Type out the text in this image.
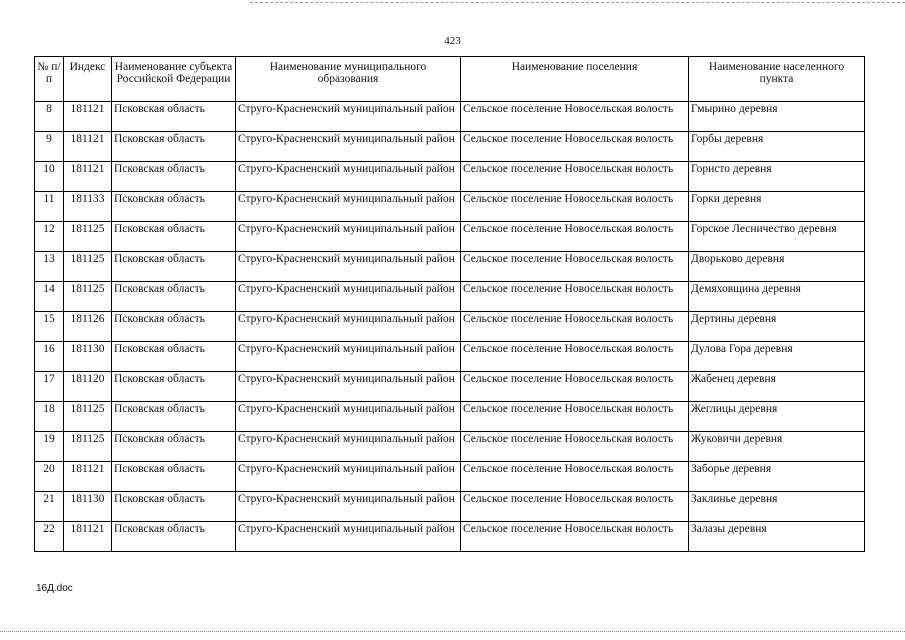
423
№ п/п	Индекс	Наименование субъекта Российской Федерации	Наименование муниципального образования	Наименование поселения	Наименование населенного пункта
8	181121	Псковская область	Струго-Красненский муниципальный район	Сельское поселение Новосельская волость	Гмырино деревня
9	181121	Псковская область	Струго-Красненский муниципальный район	Сельское поселение Новосельская волость	Горбы деревня
10	181121	Псковская область	Струго-Красненский муниципальный район	Сельское поселение Новосельская волость	Гористо деревня
11	181133	Псковская область	Струго-Красненский муниципальный район	Сельское поселение Новосельская волость	Горки деревня
12	181125	Псковская область	Струго-Красненский муниципальный район	Сельское поселение Новосельская волость	Горское Лесничество деревня
13	181125	Псковская область	Струго-Красненский муниципальный район	Сельское поселение Новосельская волость	Дворьково деревня
14	181125	Псковская область	Струго-Красненский муниципальный район	Сельское поселение Новосельская волость	Демяховщина деревня
15	181126	Псковская область	Струго-Красненский муниципальный район	Сельское поселение Новосельская волость	Дертины деревня
16	181130	Псковская область	Струго-Красненский муниципальный район	Сельское поселение Новосельская волость	Дулова Гора деревня
17	181120	Псковская область	Струго-Красненский муниципальный район	Сельское поселение Новосельская волость	Жабенец деревня
18	181125	Псковская область	Струго-Красненский муниципальный район	Сельское поселение Новосельская волость	Жеглицы деревня
19	181125	Псковская область	Струго-Красненский муниципальный район	Сельское поселение Новосельская волость	Жуковичи деревня
20	181121	Псковская область	Струго-Красненский муниципальный район	Сельское поселение Новосельская волость	Заборье деревня
21	181130	Псковская область	Струго-Красненский муниципальный район	Сельское поселение Новосельская волость	Заклинье деревня
22	181121	Псковская область	Струго-Красненский муниципальный район	Сельское поселение Новосельская волость	Залазы деревня
16Д.doc
